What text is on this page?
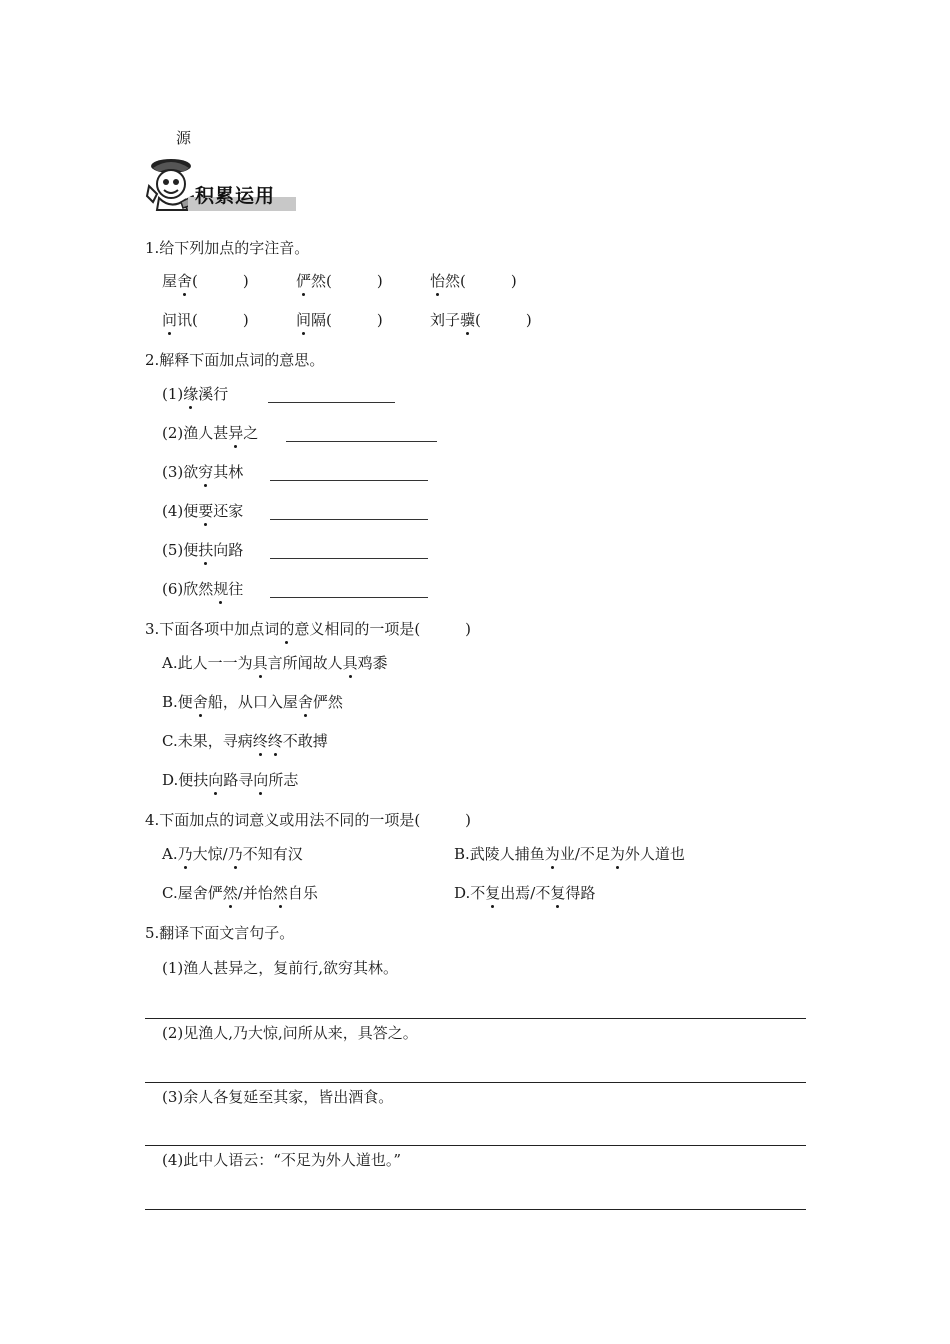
源
积累运用
1.给下列加点的字注音。
屋舍(　　　)	俨然(　　　)	怡然(　　　)
问讯(　　　)	间隔(　　　)	刘子骥(　　　)
2.解释下面加点词的意思。
(1)缘溪行
(2)渔人甚异之
(3)欲穷其林
(4)便要还家
(5)便扶向路
(6)欣然规往
3.下面各项中加点词的意义相同的一项是(　　　)
A.此人一一为具言所闻故人具鸡黍
B.便舍船，从口入屋舍俨然
C.未果，寻病终终不敢搏
D.便扶向路寻向所志
4.下面加点的词意义或用法不同的一项是(　　　)
A.乃大惊/乃不知有汉	B.武陵人捕鱼为业/不足为外人道也
C.屋舍俨然/并怡然自乐	D.不复出焉/不复得路
5.翻译下面文言句子。
(1)渔人甚异之，复前行,欲穷其林。
(2)见渔人,乃大惊,问所从来，具答之。
(3)余人各复延至其家，皆出酒食。
(4)此中人语云：“不足为外人道也。”
